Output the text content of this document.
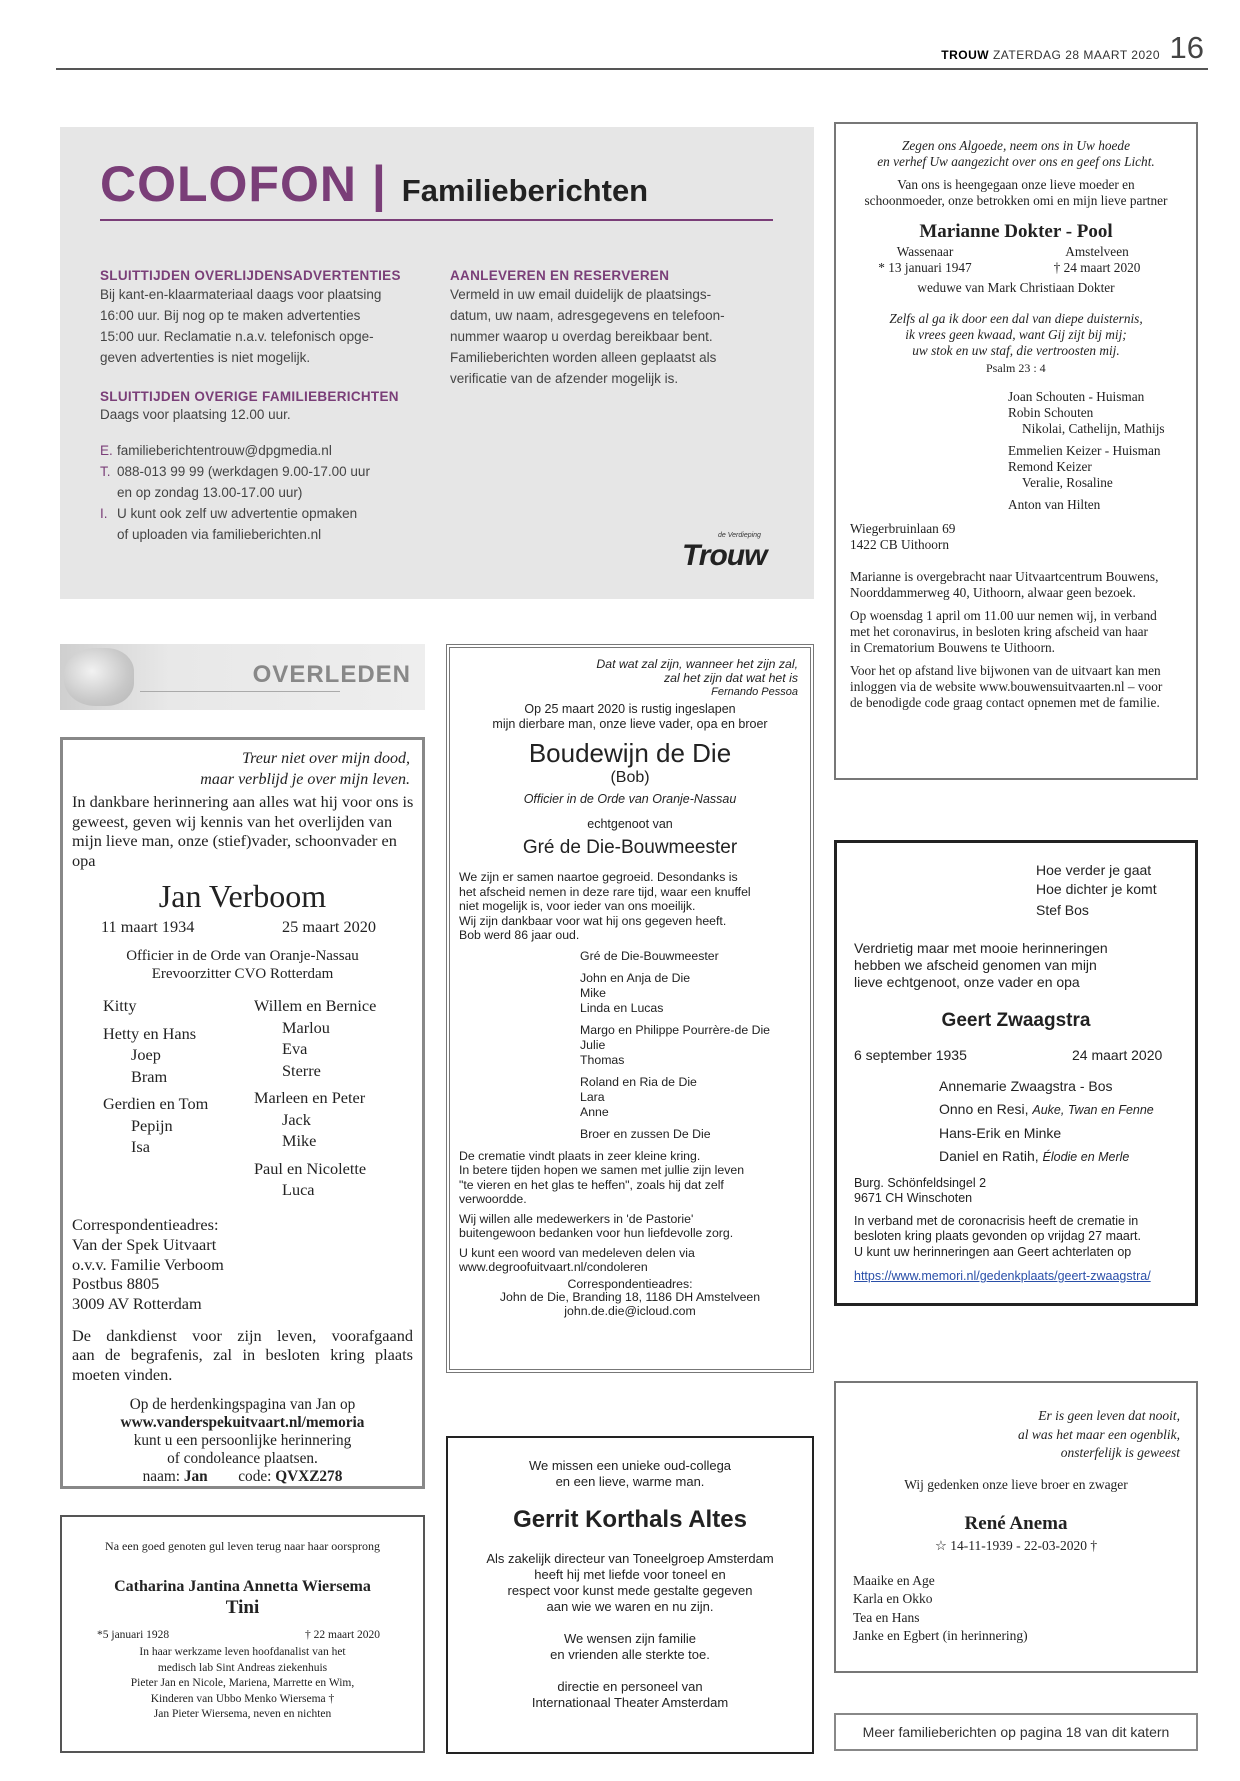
TROUW ZATERDAG 28 MAART 2020 16
COLOFON | Familieberichten
SLUITTIJDEN OVERLIJDENSADVERTENTIES
Bij kant-en-klaarmateriaal daags voor plaatsing
16:00 uur. Bij nog op te maken advertenties
15:00 uur. Reclamatie n.a.v. telefonisch opge-
geven advertenties is niet mogelijk.
SLUITTIJDEN OVERIGE FAMILIEBERICHTEN
Daags voor plaatsing 12.00 uur.
E. familieberichtentrouw@dpgmedia.nl
T. 088-013 99 99 (werkdagen 9.00-17.00 uur
en op zondag 13.00-17.00 uur)
I. U kunt ook zelf uw advertentie opmaken
of uploaden via familieberichten.nl
AANLEVEREN EN RESERVEREN
Vermeld in uw email duidelijk de plaatsings-
datum, uw naam, adresgegevens en telefoon-
nummer waarop u overdag bereikbaar bent.
Familieberichten worden alleen geplaatst als
verificatie van de afzender mogelijk is.
de Verdieping
Trouw
OVERLEDEN
Zegen ons Algoede, neem ons in Uw hoede
en verhef Uw aangezicht over ons en geef ons Licht.
Van ons is heengegaan onze lieve moeder en
schoonmoeder, onze betrokken omi en mijn lieve partner
Marianne Dokter - Pool
Wassenaar	Amstelveen
* 13 januari 1947	† 24 maart 2020
weduwe van Mark Christiaan Dokter
Zelfs al ga ik door een dal van diepe duisternis,
ik vrees geen kwaad, want Gij zijt bij mij;
uw stok en uw staf, die vertroosten mij.
Psalm 23 : 4
Joan Schouten - Huisman
Robin Schouten
Nikolai, Cathelijn, Mathijs
Emmelien Keizer - Huisman
Remond Keizer
Veralie, Rosaline
Anton van Hilten
Wiegerbruinlaan 69
1422 CB Uithoorn
Marianne is overgebracht naar Uitvaartcentrum Bouwens,
Noorddammerweg 40, Uithoorn, alwaar geen bezoek.
Op woensdag 1 april om 11.00 uur nemen wij, in verband
met het coronavirus, in besloten kring afscheid van haar
in Crematorium Bouwens te Uithoorn.
Voor het op afstand live bijwonen van de uitvaart kan men
inloggen via de website www.bouwensuitvaarten.nl – voor
de benodigde code graag contact opnemen met de familie.
Treur niet over mijn dood,
maar verblijd je over mijn leven.
In dankbare herinnering aan alles wat hij voor ons is
geweest, geven wij kennis van het overlijden van
mijn lieve man, onze (stief)vader, schoonvader en
opa
Jan Verboom
11 maart 1934	25 maart 2020
Officier in de Orde van Oranje-Nassau
Erevoorzitter CVO Rotterdam
Kitty
Hetty en Hans
Joep
Bram
Gerdien en Tom
Pepijn
Isa
Willem en Bernice
Marlou
Eva
Sterre
Marleen en Peter
Jack
Mike
Paul en Nicolette
Luca
Correspondentieadres:
Van der Spek Uitvaart
o.v.v. Familie Verboom
Postbus 8805
3009 AV Rotterdam
De dankdienst voor zijn leven, voorafgaand
aan de begrafenis, zal in besloten kring plaats
moeten vinden.
Op de herdenkingspagina van Jan op
www.vanderspekuitvaart.nl/memoria
kunt u een persoonlijke herinnering
of condoleance plaatsen.
naam: Jan code: QVXZ278
Na een goed genoten gul leven terug naar haar oorsprong
Catharina Jantina Annetta Wiersema
Tini
*5 januari 1928	† 22 maart 2020
In haar werkzame leven hoofdanalist van het
medisch lab Sint Andreas ziekenhuis
Pieter Jan en Nicole, Mariena, Marrette en Wim,
Kinderen van Ubbo Menko Wiersema †
Jan Pieter Wiersema, neven en nichten
Dat wat zal zijn, wanneer het zijn zal,
zal het zijn dat wat het is
Fernando Pessoa
Op 25 maart 2020 is rustig ingeslapen
mijn dierbare man, onze lieve vader, opa en broer
Boudewijn de Die
(Bob)
Officier in de Orde van Oranje-Nassau
echtgenoot van
Gré de Die-Bouwmeester
We zijn er samen naartoe gegroeid. Desondanks is
het afscheid nemen in deze rare tijd, waar een knuffel
niet mogelijk is, voor ieder van ons moeilijk.
Wij zijn dankbaar voor wat hij ons gegeven heeft.
Bob werd 86 jaar oud.
Gré de Die-Bouwmeester
John en Anja de Die
Mike
Linda en Lucas
Margo en Philippe Pourrère-de Die
Julie
Thomas
Roland en Ria de Die
Lara
Anne
Broer en zussen De Die
De crematie vindt plaats in zeer kleine kring.
In betere tijden hopen we samen met jullie zijn leven
"te vieren en het glas te heffen", zoals hij dat zelf
verwoordde.
Wij willen alle medewerkers in 'de Pastorie'
buitengewoon bedanken voor hun liefdevolle zorg.
U kunt een woord van medeleven delen via
www.degroofuitvaart.nl/condoleren
Correspondentieadres:
John de Die, Branding 18, 1186 DH Amstelveen
john.de.die@icloud.com
We missen een unieke oud-collega
en een lieve, warme man.
Gerrit Korthals Altes
Als zakelijk directeur van Toneelgroep Amsterdam
heeft hij met liefde voor toneel en
respect voor kunst mede gestalte gegeven
aan wie we waren en nu zijn.
We wensen zijn familie
en vrienden alle sterkte toe.
directie en personeel van
Internationaal Theater Amsterdam
Hoe verder je gaat
Hoe dichter je komt
Stef Bos
Verdrietig maar met mooie herinneringen
hebben we afscheid genomen van mijn
lieve echtgenoot, onze vader en opa
Geert Zwaagstra
6 september 1935	24 maart 2020
Annemarie Zwaagstra - Bos
Onno en Resi, Auke, Twan en Fenne
Hans-Erik en Minke
Daniel en Ratih, Élodie en Merle
Burg. Schönfeldsingel 2
9671 CH Winschoten
In verband met de coronacrisis heeft de crematie in
besloten kring plaats gevonden op vrijdag 27 maart.
U kunt uw herinneringen aan Geert achterlaten op
https://www.memori.nl/gedenkplaats/geert-zwaagstra/
Er is geen leven dat nooit,
al was het maar een ogenblik,
onsterfelijk is geweest
Wij gedenken onze lieve broer en zwager
René Anema
☆ 14-11-1939 - 22-03-2020 †
Maaike en Age
Karla en Okko
Tea en Hans
Janke en Egbert (in herinnering)
Meer familieberichten op pagina 18 van dit katern
